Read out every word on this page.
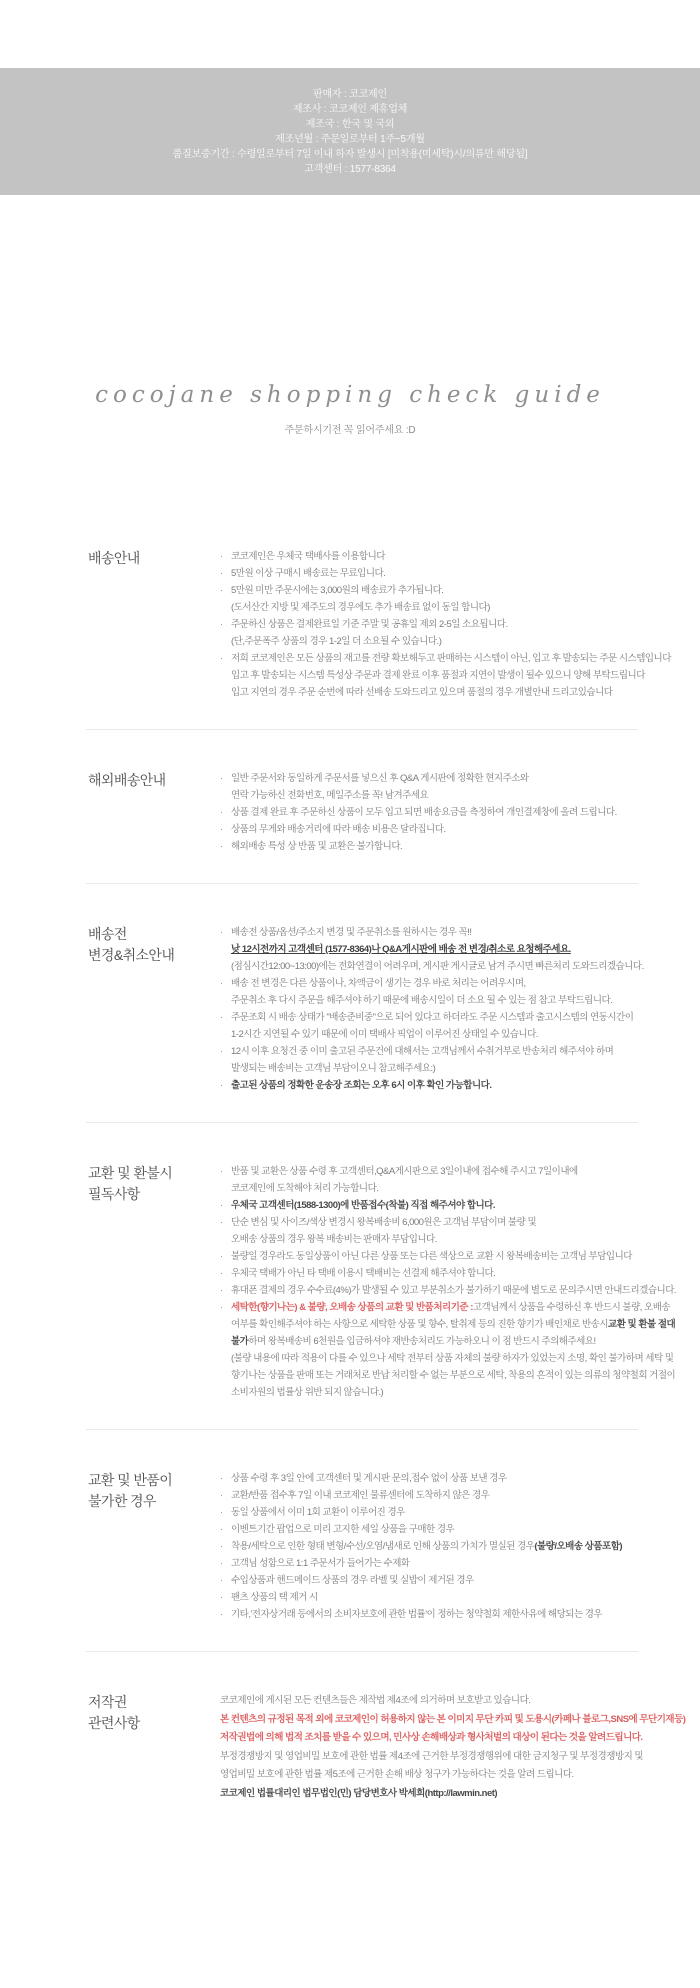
판매자 : 코코제인
제조사 : 코코제인 제휴업체
제조국 : 한국 및 국외
제조년월 : 주문일로부터 1주~5개월
품질보증기간 : 수령일로부터 7일 이내 하자 발생시 [미착용(미세탁)시/의류만 해당됨]
고객센터 : 1577-8364
cocojane shopping check guide
주문하시기전 꼭 읽어주세요 :D
배송안내	· 코코제인은 우체국 택배사를 이용합니다
· 5만원 이상 구매시 배송료는 무료입니다.
· 5만원 미만 주문시에는 3,000원의 배송료가 추가됩니다.
(도서산간 지방 및 제주도의 경우에도 추가 배송료 없이 동일 합니다)
· 주문하신 상품은 결제완료일 기준 주말 및 공휴일 제외 2-5일 소요됩니다.
(단,주문폭주 상품의 경우 1-2일 더 소요될 수 있습니다.)
· 저희 코코제인은 모든 상품의 재고를 전량 확보해두고 판매하는 시스템이 아닌, 입고 후 발송되는 주문 시스템입니다
입고 후 발송되는 시스템 특성상 주문과 결제 완료 이후 품절과 지연이 발생이 될수 있으니 양해 부탁드립니다
입고 지연의 경우 주문 순번에 따라 선배송 도와드리고 있으며 품절의 경우 개별안내 드리고있습니다
해외배송안내	· 일반 주문서와 동일하게 주문서를 넣으신 후 Q&A 게시판에 정확한 현지주소와
연락 가능하신 전화번호, 메일주소를 꼭! 남겨주세요
· 상품 결제 완료 후 주문하신 상품이 모두 입고 되면 배송요금을 측정하여 개인결제창에 올려 드립니다.
· 상품의 무게와 배송거리에 따라 배송 비용은 달라집니다.
· 해외배송 특성 상 반품 및 교환은 불가합니다.
배송전
변경&취소안내
· 배송전 상품/옵션/주소지 변경 및 주문취소를 원하시는 경우 꼭!!
낮 12시전까지 고객센터 (1577-8364)나 Q&A게시판에 배송 전 변경/취소로 요청해주세요.
(점심시간12:00~13:00)에는 전화연결이 어려우며, 게시판 게시글로 남겨 주시면 빠른처리 도와드리겠습니다.
· 배송 전 변경은 다른 상품이나, 차액금이 생기는 경우 바로 처리는 어려우시며,
주문취소 후 다시 주문을 해주셔야 하기 때문에 배송시일이 더 소요 될 수 있는 점 참고 부탁드립니다.
· 주문조회 시 배송 상태가 "배송준비중"으로 되어 있다고 하더라도 주문 시스템과 출고시스템의 연동시간이
1-2시간 지연될 수 있기 때문에 이미 택배사 픽업이 이루어진 상태일 수 있습니다.
· 12시 이후 요청건 중 이미 출고된 주문건에 대해서는 고객님께서 수취거부로 반송처리 해주셔야 하며
발생되는 배송비는 고객님 부담이오니 참고해주세요:)
· 출고된 상품의 정확한 운송장 조회는 오후 6시 이후 확인 가능합니다.
교환 및 환불시
필독사항
· 반품 및 교환은 상품 수령 후 고객센터,Q&A게시판으로 3일이내에 접수해 주시고 7일이내에
코코제인에 도착해야 처리 가능합니다.
· 우체국 고객센터(1588-1300)에 반품접수(착불) 직접 해주셔야 합니다.
· 단순 변심 및 사이즈/색상 변경시 왕복배송비 6,000원은 고객님 부담이며 불량 및
오배송 상품의 경우 왕복 배송비는 판매자 부담입니다.
· 불량일 경우라도 동일상품이 아닌 다른 상품 또는 다른 색상으로 교환 시 왕복배송비는 고객님 부담입니다
· 우체국 택배가 아닌 타 택배 이용시 택배비는 선결제 해주셔야 합니다.
· 휴대폰 결제의 경우 수수료(4%)가 발생될 수 있고 부분취소가 불가하기 때문에 별도로 문의주시면 안내드리겠습니다.
· 세탁한(향기나는) & 불량, 오배송 상품의 교환 및 반품처리기준 : 고객님께서 상품을 수령하신 후 반드시 불량, 오배송
여부를 확인해주셔야 하는 사항으로 세탁한 상품 및 향수, 탈취제 등의 진한 향기가 배인채로 반송시 교환 및 환불 절대
불가 하며 왕복배송비 6천원을 입금하셔야 재반송처리도 가능하오니 이 점 반드시 주의해주세요!
(불량 내용에 따라 적용이 다를 수 있으나 세탁 전부터 상품 자체의 불량 하자가 있었는지 소명, 확인 불가하며 세탁 및
향기나는 상품을 판매 또는 거래처로 반납 처리할 수 없는 부분으로 세탁, 착용의 흔적이 있는 의류의 청약철회 거절이
소비자원의 법률상 위반 되지 않습니다.)
교환 및 반품이
불가한 경우
· 상품 수령 후 3일 안에 고객센터 및 게시판 문의,접수 없이 상품 보낸 경우
· 교환/반품 접수후 7일 이내 코코제인 물류센터에 도착하지 않은 경우
· 동일 상품에서 이미 1회 교환이 이루어진 경우
· 이벤트기간 팝업으로 미리 고지한 세일 상품을 구매한 경우
· 착용/세탁으로 인한 형태 변형/수선/오염/냄새로 인해 상품의 가치가 멸실된 경우 (불량/오배송 상품포함)
· 고객님 성함으로 1:1 주문서가 들어가는 수제화
· 수입상품과 핸드메이드 상품의 경우 라벨 및 실밥이 제거된 경우
· 팬츠 상품의 택 제거 시
· 기타,'전자상거래 등에서의 소비자보호에 관한 법률'이 정하는 청약철회 제한사유에 해당되는 경우
저작권
관련사항
코코제인에 게시된 모든 컨텐츠들은 제작법 제4조에 의거하며 보호받고 있습니다.
본 컨텐츠의 규정된 목적 외에 코코제인이 허용하지 않는 본 이미지 무단 카피 및 도용시(카페나 블로그,SNS에 무단기재등)
저작권법에 의해 법적 조치를 받을 수 있으며, 민사상 손해배상과 형사처벌의 대상이 된다는 것을 알려드립니다.
부정경쟁방지 및 영업비밀 보호에 관한 법률 제4조에 근거한 부정경쟁행위에 대한 금지청구 및 부정경쟁방지 및
영업비밀 보호에 관한 법률 제5조에 근거한 손해 배상 청구가 가능하다는 것을 알려 드립니다.
코코제인 법률대리인 법무법인(민) 담당변호사 박세희(http://lawmin.net)
